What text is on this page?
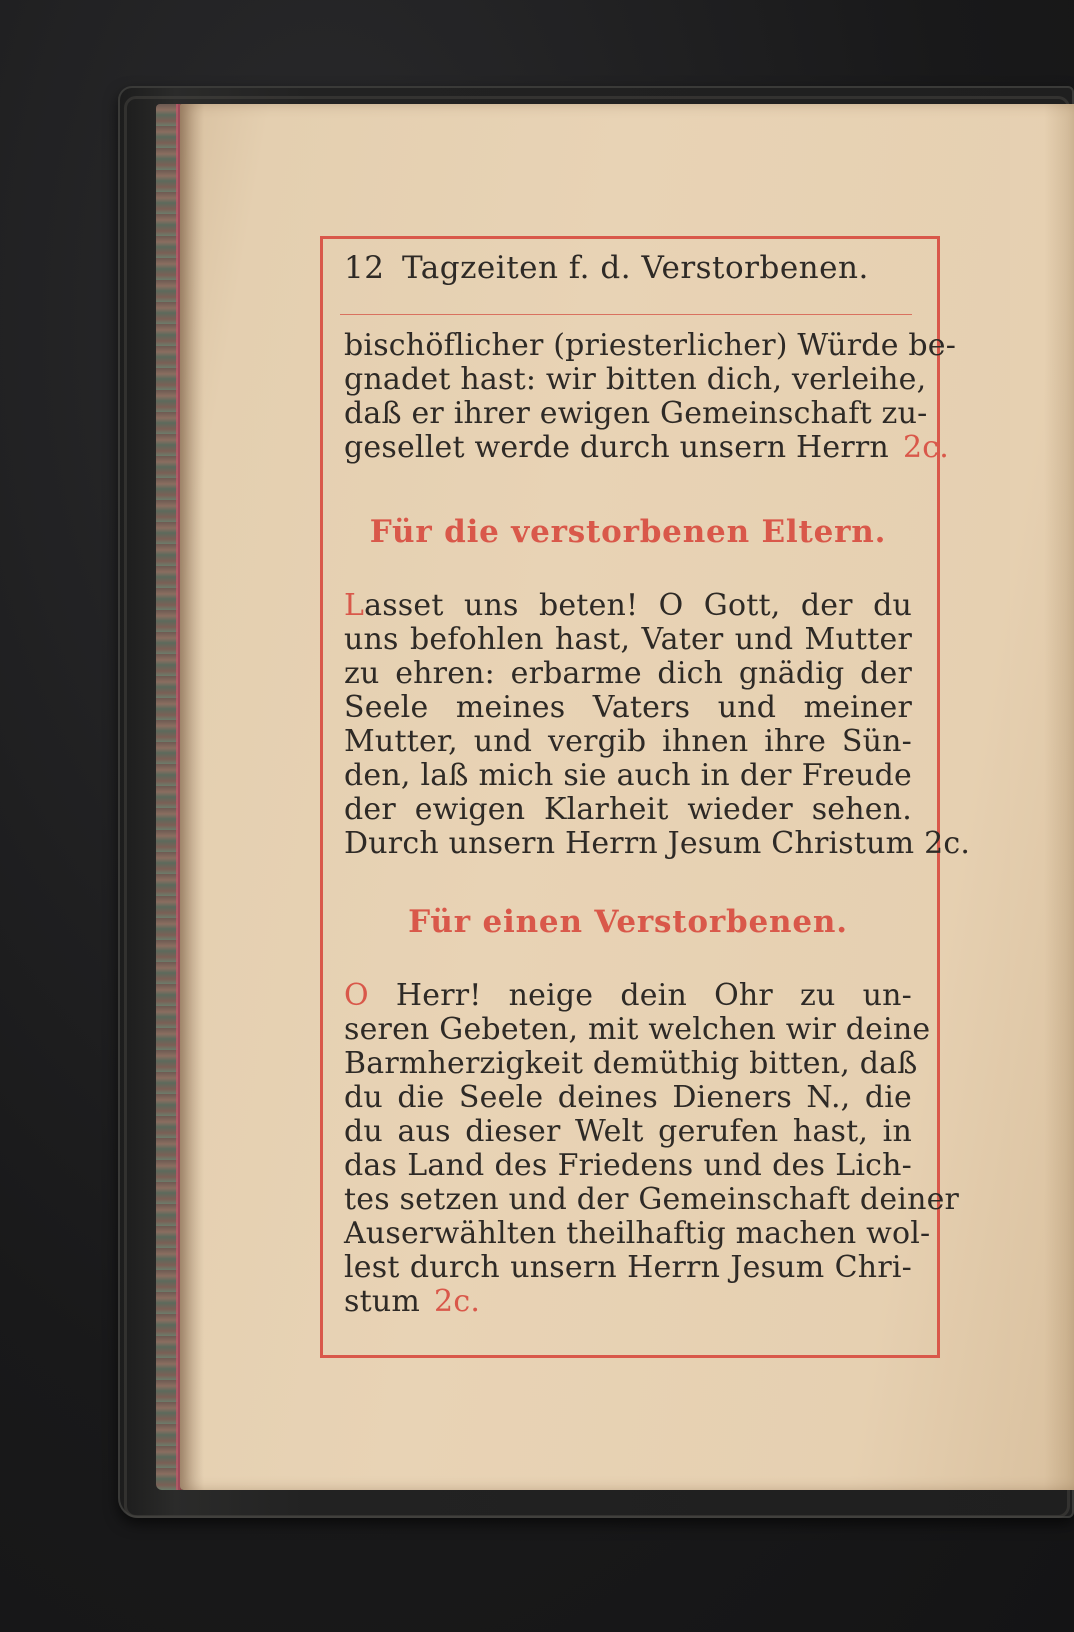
12 Tagzeiten f. d. Verstorbenen.
bischöflicher (priesterlicher) Würde be-
gnadet hast: wir bitten dich, verleihe,
daß er ihrer ewigen Gemeinschaft zu-
gesellet werde durch unsern Herrn 2c.
Für die verstorbenen Eltern.
Lasset uns beten! O Gott, der du
uns befohlen hast, Vater und Mutter
zu ehren: erbarme dich gnädig der
Seele meines Vaters und meiner
Mutter, und vergib ihnen ihre Sün-
den, laß mich sie auch in der Freude
der ewigen Klarheit wieder sehen.
Durch unsern Herrn Jesum Christum 2c.
Für einen Verstorbenen.
O Herr! neige dein Ohr zu un-
seren Gebeten, mit welchen wir deine
Barmherzigkeit demüthig bitten, daß
du die Seele deines Dieners N., die
du aus dieser Welt gerufen hast, in
das Land des Friedens und des Lich-
tes setzen und der Gemeinschaft deiner
Auserwählten theilhaftig machen wol-
lest durch unsern Herrn Jesum Chri-
stum 2c.
